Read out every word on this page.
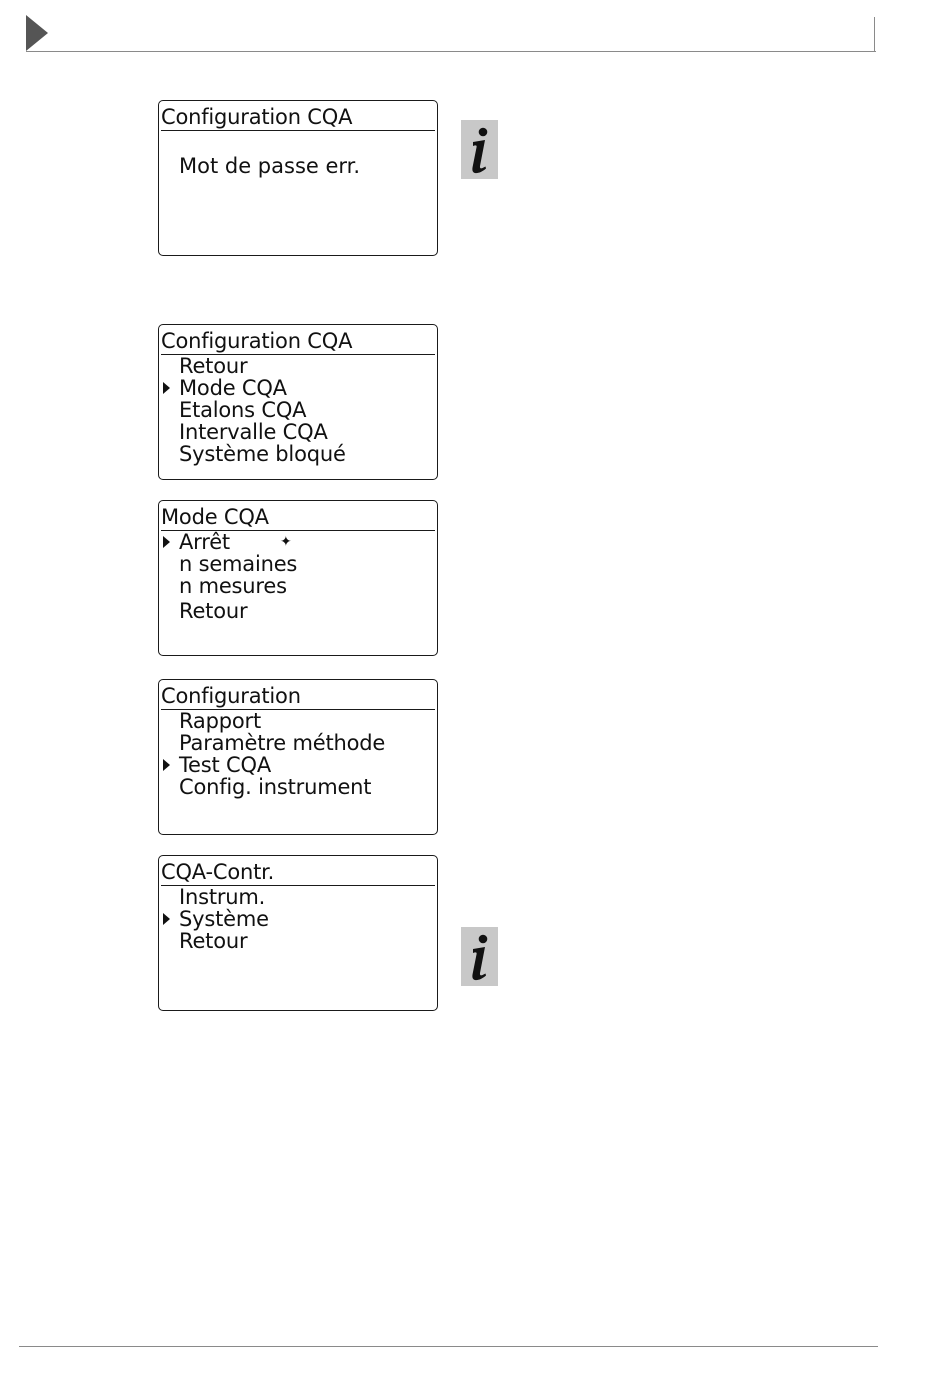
Configuration CQA
Mot de passe err.
Configuration CQA
Retour
Mode CQA
Etalons CQA
Intervalle CQA
Système bloqué
Mode CQA
Arrêt	✦
n semaines
n mesures
Retour
Configuration
Rapport
Paramètre méthode
Test CQA
Config. instrument
CQA-Contr.
Instrum.
Système
Retour
